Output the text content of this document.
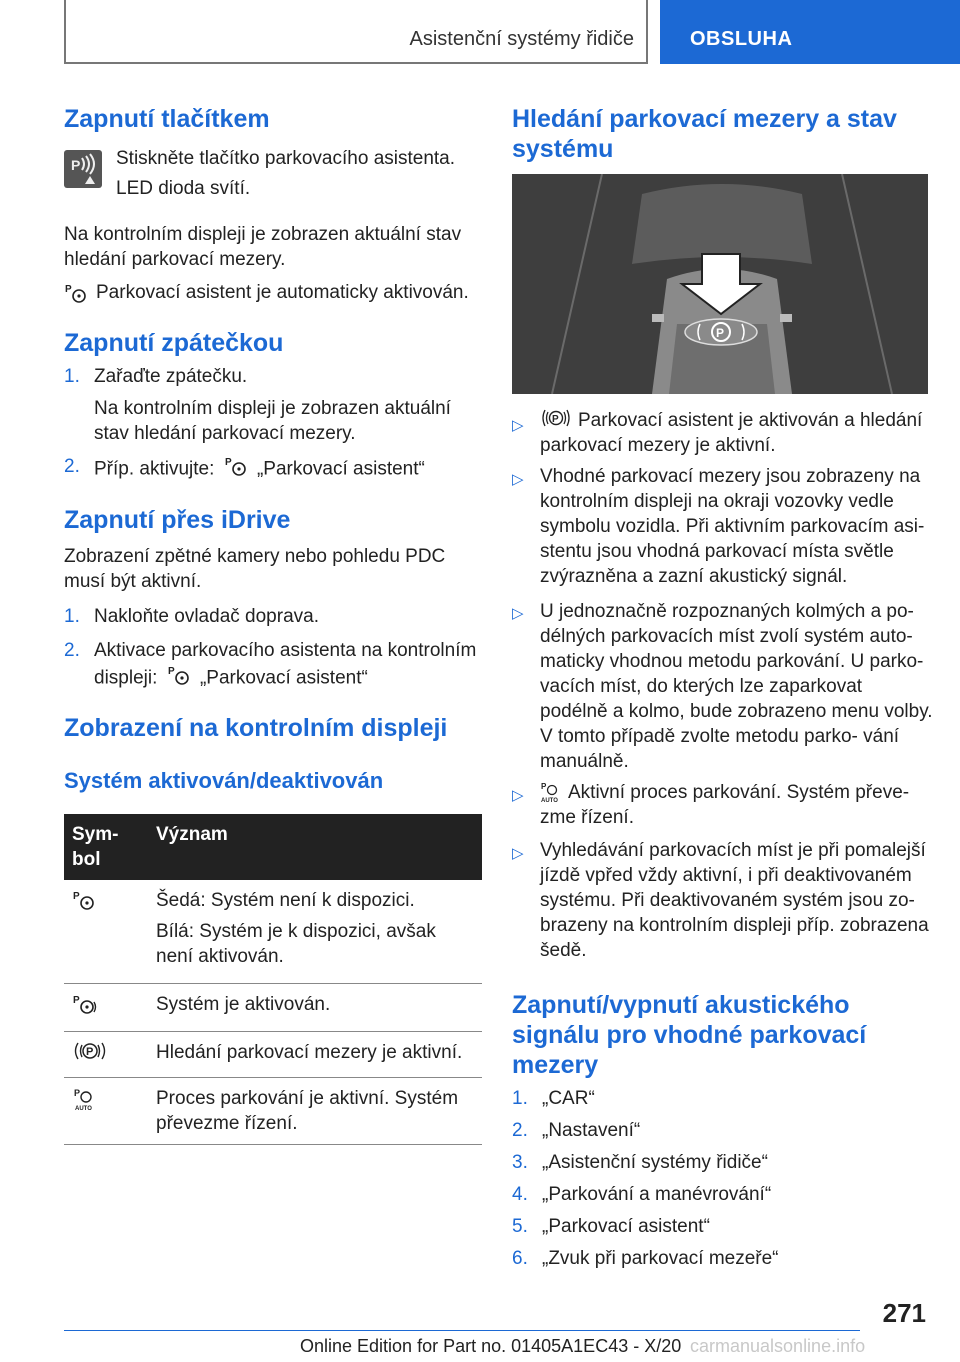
Asistenční systémy řidiče	OBSLUHA
Zapnutí tlačítkem
P Stiskněte tlačítko parkovacího asistenta.

LED dioda svítí.

Na kontrolním displeji je zobrazen aktuální stav hledání parkovací mezery.

P Parkovací asistent je automaticky aktivován.

Zapnutí zpátečkou
1. Zařaďte zpátečku.

Na kontrolním displeji je zobrazen aktuální stav hledání parkovací mezery.

2. Příp. aktivujte: P „Parkovací asistent“

Zapnutí přes iDrive

Zobrazení zpětné kamery nebo pohledu PDC musí být aktivní.

1. Nakloňte ovladač doprava.

2. Aktivace parkovacího asistenta na kontrolním displeji: P „Parkovací asistent“

Zobrazení na kontrolním displeji
Systém aktivován/deaktivován
Sym-
bol	Význam

P	Šedá: Systém není k dispozici.

Bílá: Systém je k dispozici, avšak není aktivován.

P	Systém je aktivován.

P	Hledání parkovací mezery je aktivní.

P
AUTO	Proces parkování je aktivní. Systém převezme řízení.
Hledání parkovací mezery a stav systému
P
▷	P	Parkovací asistent je aktivován a hledání parkovací mezery je aktivní.

▷ Vhodné parkovací mezery jsou zobrazeny na kontrolním displeji na okraji vozovky vedle symbolu vozidla. Při aktivním parkovacím asi- stentu jsou vhodná parkovací místa světle zvýrazněna a zazní akustický signál.

▷ U jednoznačně rozpoznaných kolmých a po- délných parkovacích míst zvolí systém auto- maticky vhodnou metodu parkování. U parko- vacích míst, do kterých lze zaparkovat podélně a kolmo, bude zobrazeno menu volby. V tomto případě zvolte metodu parko- vání manuálně.

▷
P
AUTO Aktivní proces parkování. Systém převe- zme řízení.

▷ Vyhledávání parkovacích míst je při pomalejší jízdě vpřed vždy aktivní, i při deaktivovaném systému. Při deaktivovaném systém jsou zo- brazeny na kontrolním displeji příp. zobrazena šedě.

Zapnutí/vypnutí akustického signálu pro vhodné parkovací mezery
1. „CAR“

2. „Nastavení“

3. „Asistenční systémy řidiče“

4. „Parkování a manévrování“

5. „Parkovací asistent“

6. „Zvuk při parkovací mezeře“

271
Online Edition for Part no. 01405A1EC43 - X/20 carmanualsonline.info
